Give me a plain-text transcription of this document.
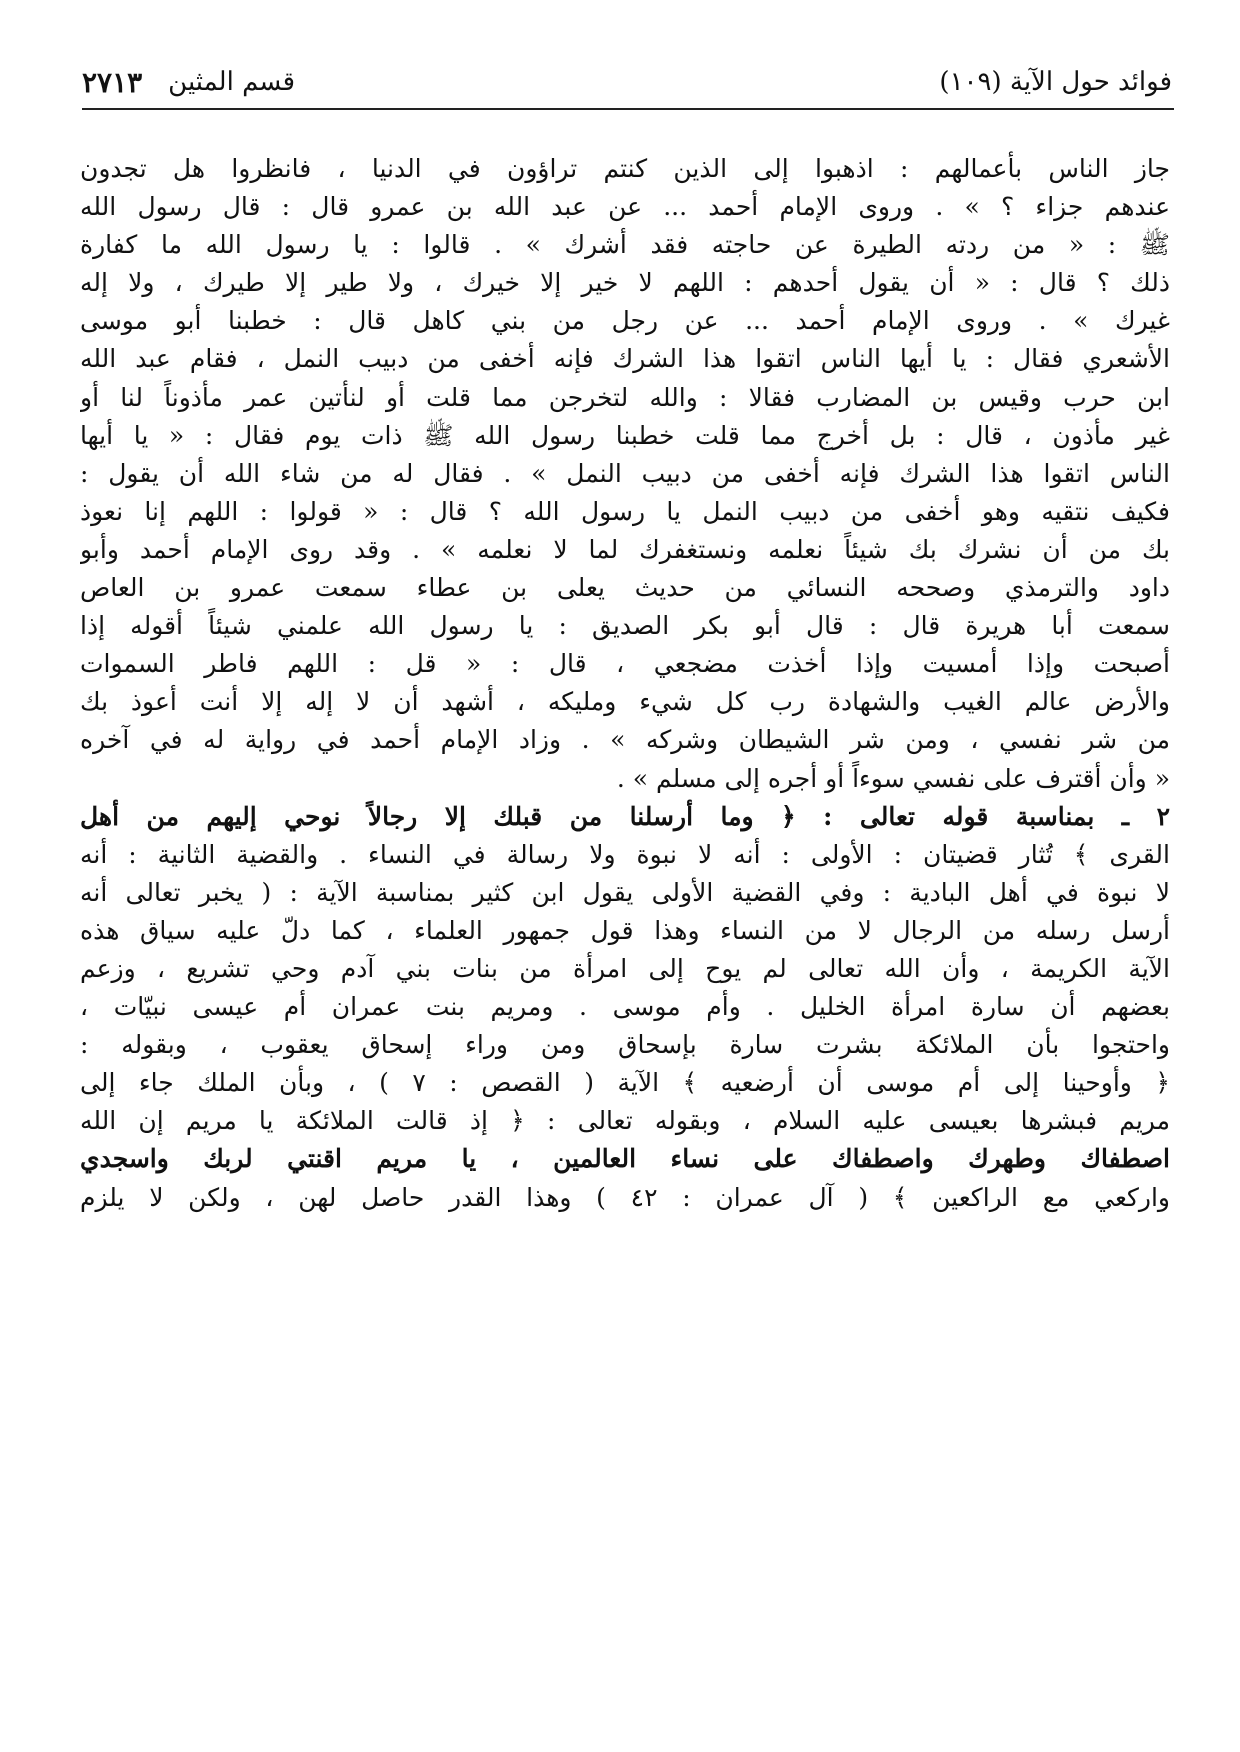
فوائد حول الآية (١٠٩)
قسم المثين
٢٧١٣
جاز الناس بأعمالهم : اذهبوا إلى الذين كنتم تراؤون في الدنيا ، فانظروا هل تجدون
عندهم جزاء ؟ » . وروى الإمام أحمد ... عن عبد الله بن عمرو قال : قال رسول الله
ﷺ : « من ردته الطيرة عن حاجته فقد أشرك » . قالوا : يا رسول الله ما كفارة
ذلك ؟ قال : « أن يقول أحدهم : اللهم لا خير إلا خيرك ، ولا طير إلا طيرك ، ولا إله
غيرك » . وروى الإمام أحمد ... عن رجل من بني كاهل قال : خطبنا أبو موسى
الأشعري فقال : يا أيها الناس اتقوا هذا الشرك فإنه أخفى من دبيب النمل ، فقام عبد الله
ابن حرب وقيس بن المضارب فقالا : والله لتخرجن مما قلت أو لنأتين عمر مأذوناً لنا أو
غير مأذون ، قال : بل أخرج مما قلت خطبنا رسول الله ﷺ ذات يوم فقال : « يا أيها
الناس اتقوا هذا الشرك فإنه أخفى من دبيب النمل » . فقال له من شاء الله أن يقول :
فكيف نتقيه وهو أخفى من دبيب النمل يا رسول الله ؟ قال : « قولوا : اللهم إنا نعوذ
بك من أن نشرك بك شيئاً نعلمه ونستغفرك لما لا نعلمه » . وقد روى الإمام أحمد وأبو
داود والترمذي وصححه النسائي من حديث يعلى بن عطاء سمعت عمرو بن العاص
سمعت أبا هريرة قال : قال أبو بكر الصديق : يا رسول الله علمني شيئاً أقوله إذا
أصبحت وإذا أمسيت وإذا أخذت مضجعي ، قال : « قل : اللهم فاطر السموات
والأرض عالم الغيب والشهادة رب كل شيء ومليكه ، أشهد أن لا إله إلا أنت أعوذ بك
من شر نفسي ، ومن شر الشيطان وشركه » . وزاد الإمام أحمد في رواية له في آخره
« وأن أقترف على نفسي سوءاً أو أجره إلى مسلم » .
٢ ـ بمناسبة قوله تعالى : ﴿ وما أرسلنا من قبلك إلا رجالاً نوحي إليهم من أهل
القرى ﴾ تُثار قضيتان : الأولى : أنه لا نبوة ولا رسالة في النساء . والقضية الثانية : أنه
لا نبوة في أهل البادية : وفي القضية الأولى يقول ابن كثير بمناسبة الآية : ( يخبر تعالى أنه
أرسل رسله من الرجال لا من النساء وهذا قول جمهور العلماء ، كما دلّ عليه سياق هذه
الآية الكريمة ، وأن الله تعالى لم يوح إلى امرأة من بنات بني آدم وحي تشريع ، وزعم
بعضهم أن سارة امرأة الخليل . وأم موسى . ومريم بنت عمران أم عيسى نبيّات ،
واحتجوا بأن الملائكة بشرت سارة بإسحاق ومن وراء إسحاق يعقوب ، وبقوله :
﴿ وأوحينا إلى أم موسى أن أرضعيه ﴾ الآية ( القصص : ٧ ) ، وبأن الملك جاء إلى
مريم فبشرها بعيسى عليه السلام ، وبقوله تعالى : ﴿ إذ قالت الملائكة يا مريم إن الله
اصطفاك وطهرك واصطفاك على نساء العالمين ، يا مريم اقنتي لربك واسجدي
واركعي مع الراكعين ﴾ ( آل عمران : ٤٢ ) وهذا القدر حاصل لهن ، ولكن لا يلزم
